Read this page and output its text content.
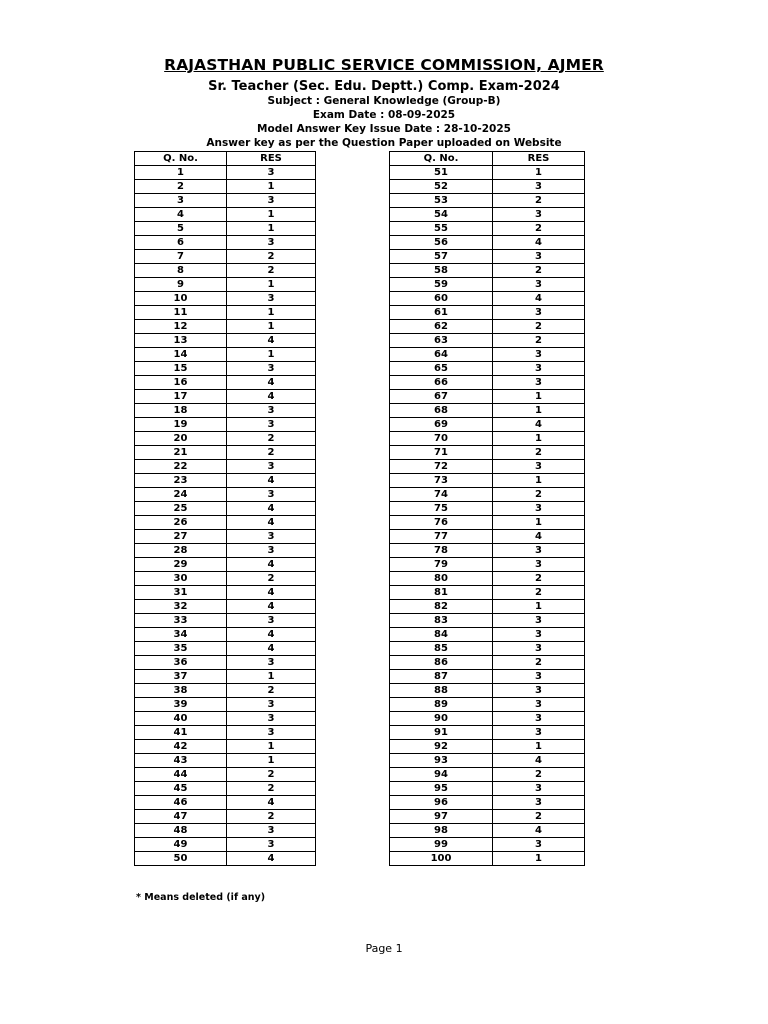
RAJASTHAN PUBLIC SERVICE COMMISSION, AJMER
Sr. Teacher (Sec. Edu. Deptt.) Comp. Exam-2024
Subject : General Knowledge (Group-B)
Exam Date : 08-09-2025
Model Answer Key Issue Date : 28-10-2025
Answer key as per the Question Paper uploaded on Website
Q. No.	RES
1	3
2	1
3	3
4	1
5	1
6	3
7	2
8	2
9	1
10	3
11	1
12	1
13	4
14	1
15	3
16	4
17	4
18	3
19	3
20	2
21	2
22	3
23	4
24	3
25	4
26	4
27	3
28	3
29	4
30	2
31	4
32	4
33	3
34	4
35	4
36	3
37	1
38	2
39	3
40	3
41	3
42	1
43	1
44	2
45	2
46	4
47	2
48	3
49	3
50	4
Q. No.	RES
51	1
52	3
53	2
54	3
55	2
56	4
57	3
58	2
59	3
60	4
61	3
62	2
63	2
64	3
65	3
66	3
67	1
68	1
69	4
70	1
71	2
72	3
73	1
74	2
75	3
76	1
77	4
78	3
79	3
80	2
81	2
82	1
83	3
84	3
85	3
86	2
87	3
88	3
89	3
90	3
91	3
92	1
93	4
94	2
95	3
96	3
97	2
98	4
99	3
100	1
* Means deleted (if any)
Page 1
